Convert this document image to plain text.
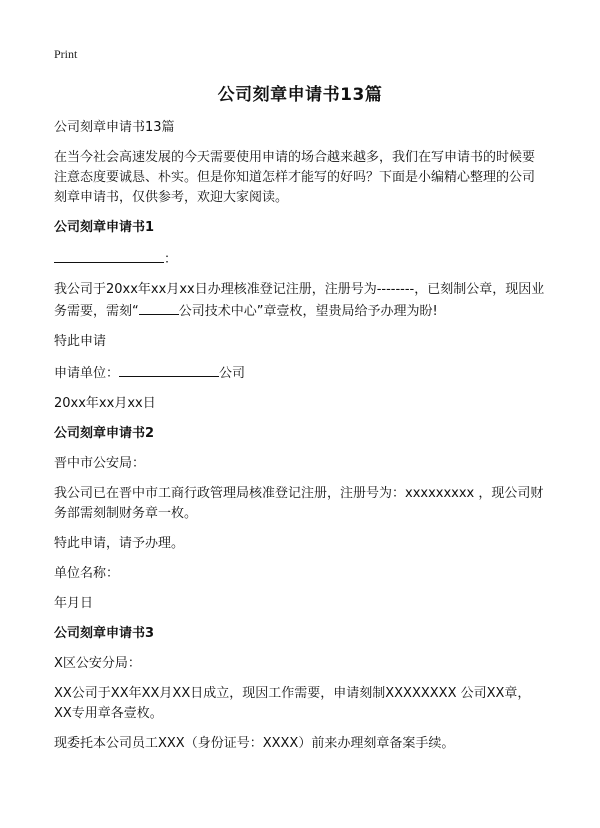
Print
公司刻章申请书13篇

公司刻章申请书13篇

在当今社会高速发展的今天需要使用申请的场合越来越多，我们在写申请书的时候要注意态度要诚恳、朴实。但是你知道怎样才能写的好吗？下面是小编精心整理的公司刻章申请书，仅供参考，欢迎大家阅读。

公司刻章申请书1

：

我公司于20xx年xx月xx日办理核准登记注册，注册号为--------，已刻制公章，现因业务需要，需刻“	公司技术中心”章壹枚，望贵局给予办理为盼!

特此申请

申请单位：	公司

20xx年xx月xx日

公司刻章申请书2

晋中市公安局：

我公司已在晋中市工商行政管理局核准登记注册，注册号为：xxxxxxxxx ，现公司财务部需刻制财务章一枚。

特此申请，请予办理。

单位名称：

年月日

公司刻章申请书3

X区公安分局：

XX公司于XX年XX月XX日成立，现因工作需要，申请刻制XXXXXXXX 公司XX章，XX专用章各壹枚。

现委托本公司员工XXX（身份证号：XXXX）前来办理刻章备案手续。
